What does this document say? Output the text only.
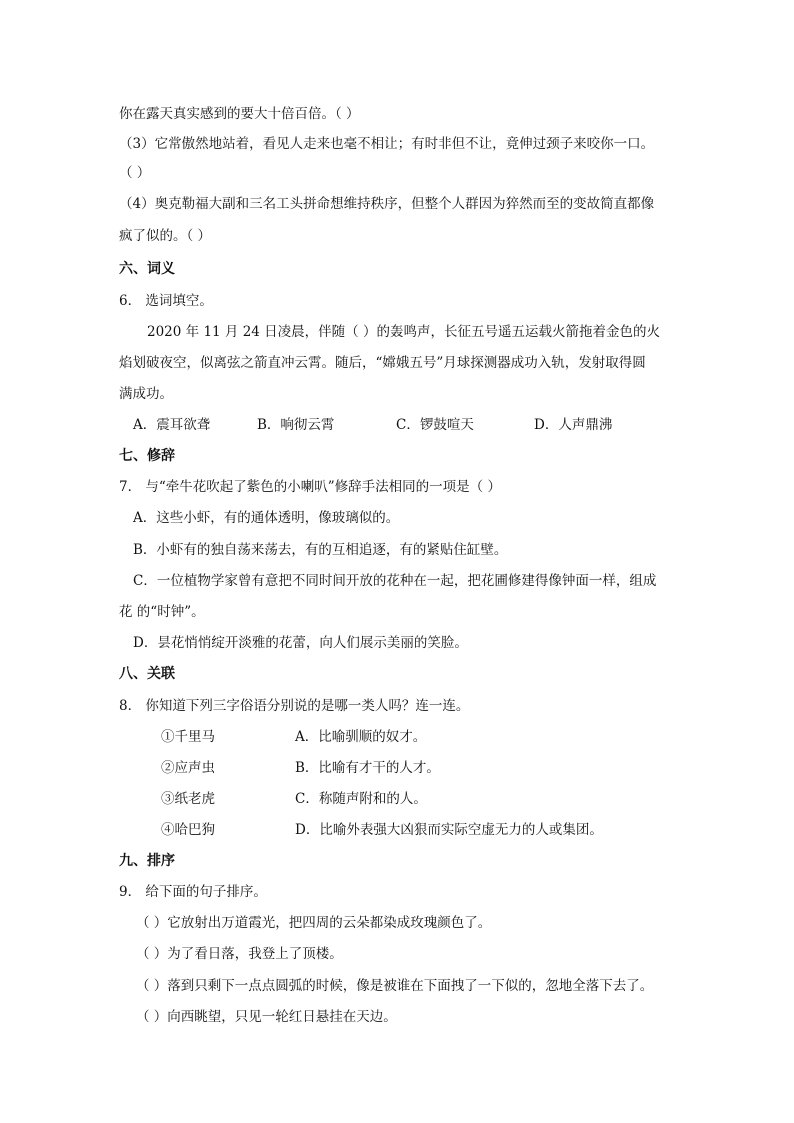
你在露天真实感到的要大十倍百倍。（ ）
（3）它常傲然地站着，看见人走来也毫不相让；有时非但不让，竟伸过颈子来咬你一口。
（ ）
（4）奥克勒福大副和三名工头拼命想维持秩序，但整个人群因为猝然而至的变故简直都像
疯了似的。（ ）
六、词义
6． 选词填空。
2020 年 11 月 24 日凌晨，伴随（ ）的轰鸣声，长征五号遥五运载火箭拖着金色的火
焰划破夜空，似离弦之箭直冲云霄。随后，“嫦娥五号”月球探测器成功入轨，发射取得圆
满成功。
A．震耳欲聋	B．响彻云霄	C．锣鼓喧天	D．人声鼎沸
七、修辞
7． 与“牵牛花吹起了紫色的小喇叭”修辞手法相同的一项是（ ）
A．这些小虾，有的通体透明，像玻璃似的。
B．小虾有的独自荡来荡去，有的互相追逐，有的紧贴住缸壁。
C．一位植物学家曾有意把不同时间开放的花种在一起，把花圃修建得像钟面一样，组成
花 的“时钟”。
D．昙花悄悄绽开淡雅的花蕾，向人们展示美丽的笑脸。
八、关联
8． 你知道下列三字俗语分别说的是哪一类人吗？连一连。
①千里马	A．比喻驯顺的奴才。
②应声虫	B．比喻有才干的人才。
③纸老虎	C．称随声附和的人。
④哈巴狗	D．比喻外表强大凶狠而实际空虚无力的人或集团。
九、排序
9． 给下面的句子排序。
（ ）它放射出万道霞光，把四周的云朵都染成玫瑰颜色了。
（ ）为了看日落，我登上了顶楼。
（ ）落到只剩下一点点圆弧的时候，像是被谁在下面拽了一下似的，忽地全落下去了。
（ ）向西眺望，只见一轮红日悬挂在天边。
